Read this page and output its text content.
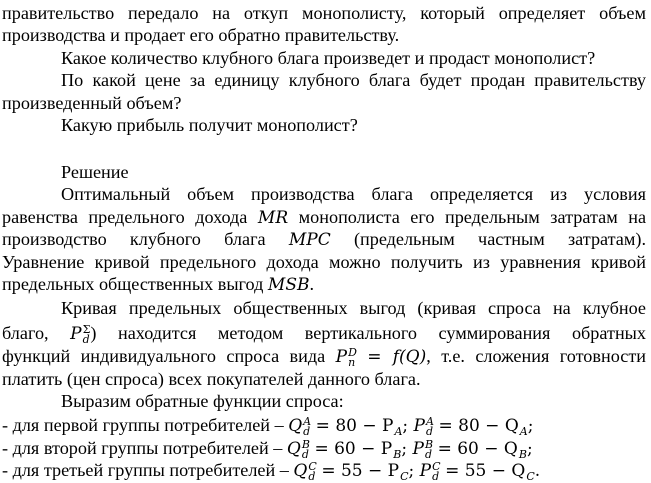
правительство передало на откуп монополисту, который определяет объем
производства и продает его обратно правительству.
Какое количество клубного блага произведет и продаст монополист?
По какой цене за единицу клубного блага будет продан правительству
произведенный объем?
Какую прибыль получит монополист?
Решение
Оптимальный объем производства блага определяется из условия
равенства предельного дохода MR монополиста его предельным затратам на
производство клубного блага MPC (предельным частным затратам).
Уравнение кривой предельного дохода можно получить из уравнения кривой
предельных общественных выгод MSB.
Кривая предельных общественных выгод (кривая спроса на клубное
благо, P Σ
d ) находится методом вертикального суммирования обратных
функций индивидуального спроса вида P D
n = f(Q), т.е. сложения готовности
платить (цен спроса) всех покупателей данного блага.
Выразим обратные функции спроса:
- для первой группы потребителей – Q A
d = 80 − P A ; P A
d = 80 − Q A ;
- для второй группы потребителей – Q B
d = 60 − P B ; P B
d = 60 − Q B ;
- для третьей группы потребителей – Q C
d = 55 − P C ; P C
d = 55 − Q C .
